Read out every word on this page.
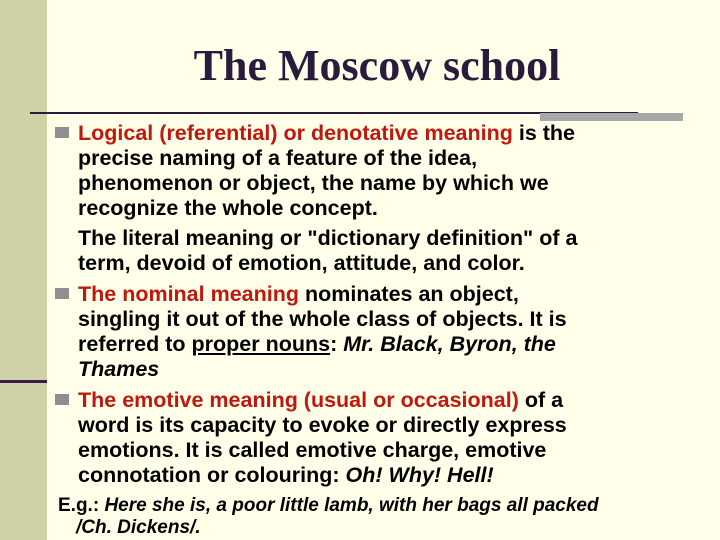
The Moscow school
Logical (referential) or denotative meaning is the
precise naming of a feature of the idea,
phenomenon or object, the name by which we
recognize the whole concept.
The literal meaning or "dictionary definition" of a
term, devoid of emotion, attitude, and color.
The nominal meaning nominates an object,
singling it out of the whole class of objects. It is
referred to proper nouns: Mr. Black, Byron, the
Thames
The emotive meaning (usual or occasional) of a
word is its capacity to evoke or directly express
emotions. It is called emotive charge, emotive
connotation or colouring: Oh! Why! Hell!
E.g.: Here she is, a poor little lamb, with her bags all packed
/Ch. Dickens/.
